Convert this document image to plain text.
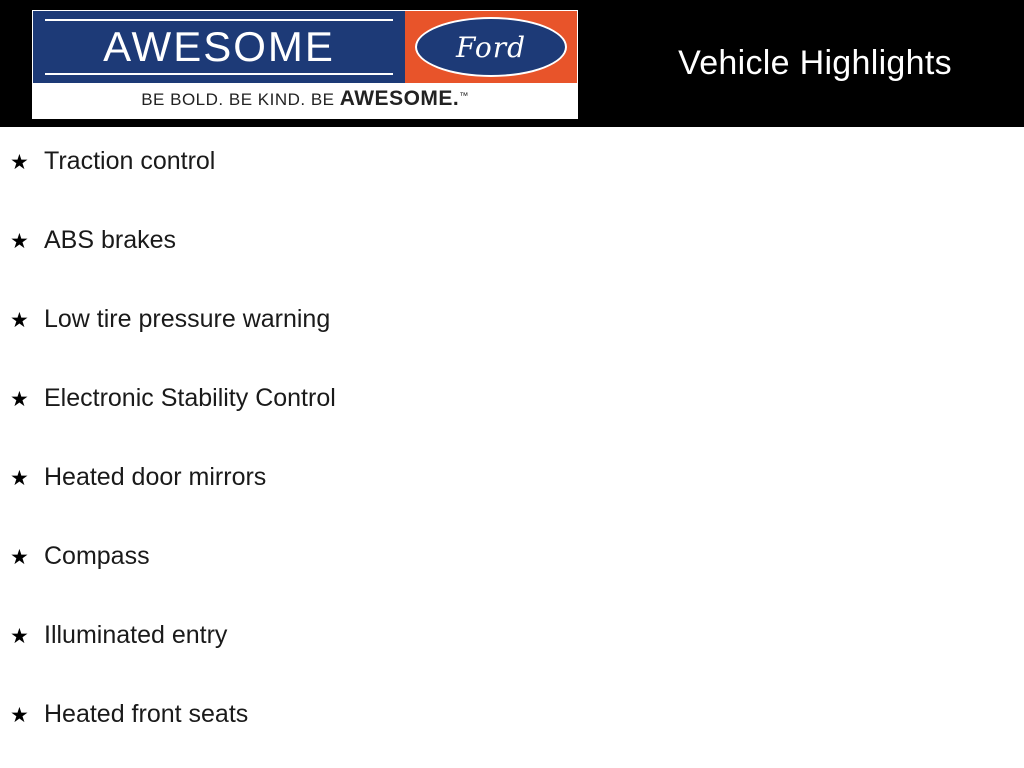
AWESOME	Ford
BE BOLD. BE KIND. BE AWESOME.™
Vehicle Highlights
★ Traction control
★ ABS brakes
★ Low tire pressure warning
★ Electronic Stability Control
★ Heated door mirrors
★ Compass
★ Illuminated entry
★ Heated front seats
